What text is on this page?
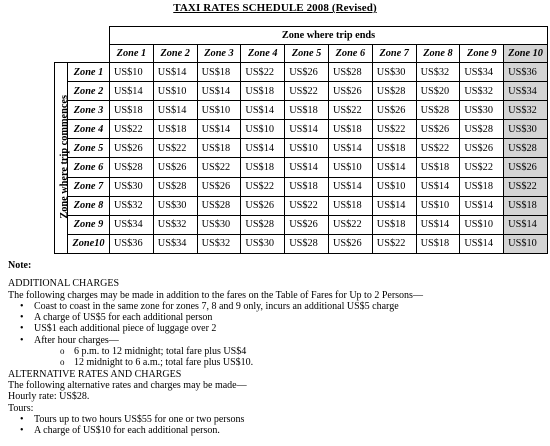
TAXI RATES SCHEDULE 2008 (Revised)
		Zone where trip ends									
		Zone 1	Zone 2	Zone 3	Zone 4	Zone 5	Zone 6	Zone 7	Zone 8	Zone 9	Zone 10
Zone where trip commences	Zone 1	US$10	US$14	US$18	US$22	US$26	US$28	US$30	US$32	US$34	US$36
	Zone 2	US$14	US$10	US$14	US$18	US$22	US$26	US$28	US$20	US$32	US$34
	Zone 3	US$18	US$14	US$10	US$14	US$18	US$22	US$26	US$28	US$30	US$32
	Zone 4	US$22	US$18	US$14	US$10	US$14	US$18	US$22	US$26	US$28	US$30
	Zone 5	US$26	US$22	US$18	US$14	US$10	US$14	US$18	US$22	US$26	US$28
	Zone 6	US$28	US$26	US$22	US$18	US$14	US$10	US$14	US$18	US$22	US$26
	Zone 7	US$30	US$28	US$26	US$22	US$18	US$14	US$10	US$14	US$18	US$22
	Zone 8	US$32	US$30	US$28	US$26	US$22	US$18	US$14	US$10	US$14	US$18
	Zone 9	US$34	US$32	US$30	US$28	US$26	US$22	US$18	US$14	US$10	US$14
	Zone10	US$36	US$34	US$32	US$30	US$28	US$26	US$22	US$18	US$14	US$10

Note:

ADDITIONAL CHARGES

The following charges may be made in addition to the fares on the Table of Fares for Up to 2 Persons—

• Coast to coast in the same zone for zones 7, 8 and 9 only, incurs an additional US$5 charge
• A charge of US$5 for each additional person
• US$1 each additional piece of luggage over 2
• After hour charges—
o 6 p.m. to 12 midnight; total fare plus US$4
o 12 midnight to 6 a.m.; total fare plus US$10.

ALTERNATIVE RATES AND CHARGES

The following alternative rates and charges may be made—

Hourly rate: US$28.

Tours:

• Tours up to two hours US$55 for one or two persons
• A charge of US$10 for each additional person.
